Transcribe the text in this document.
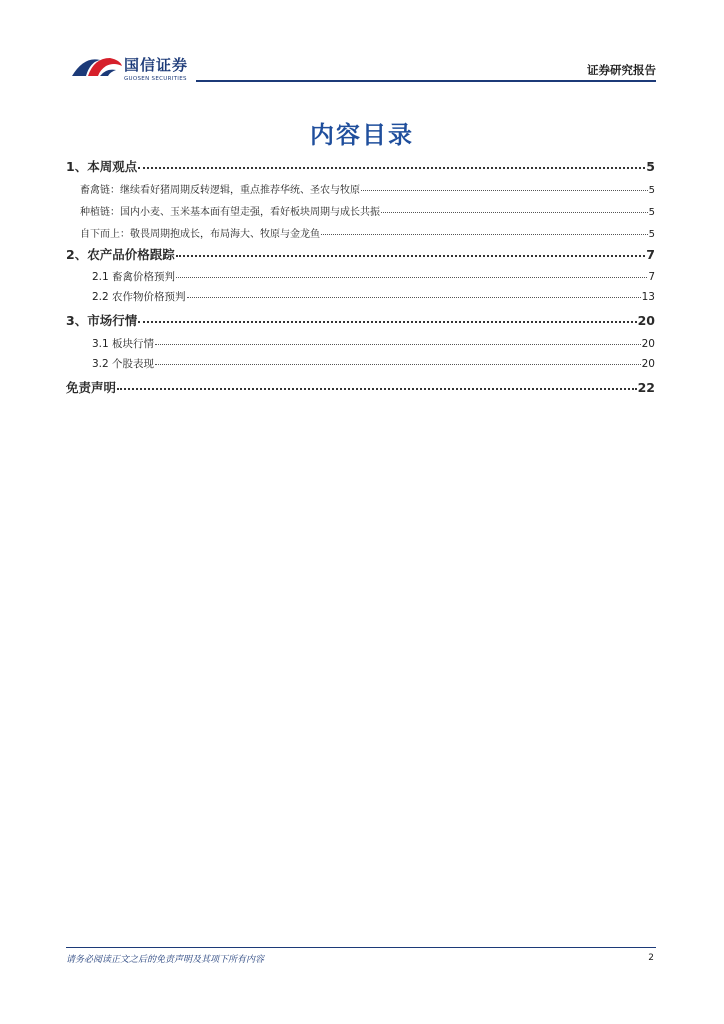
国信证券
GUOSEN SECURITIES
证券研究报告
内容目录
1、本周观点	5
畜禽链：继续看好猪周期反转逻辑，重点推荐华统、圣农与牧原	5
种植链：国内小麦、玉米基本面有望走强，看好板块周期与成长共振	5
自下而上：敬畏周期抱成长，布局海大、牧原与金龙鱼	5
2、农产品价格跟踪	7
2.1 畜禽价格预判	7
2.2 农作物价格预判	13
3、市场行情	20
3.1 板块行情	20
3.2 个股表现	20
免责声明	22
请务必阅读正文之后的免责声明及其项下所有内容	2
